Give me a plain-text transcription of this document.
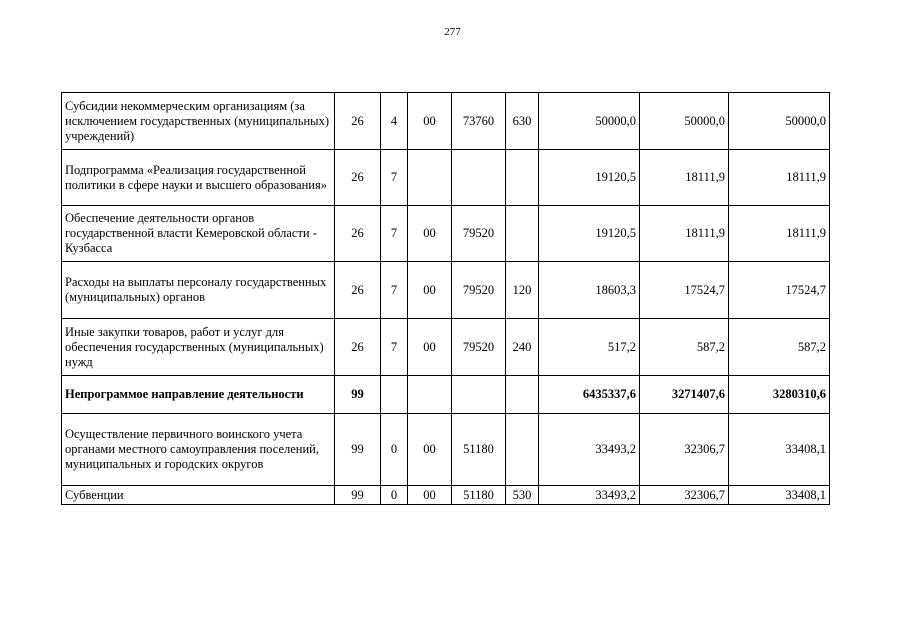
277
Субсидии некоммерческим организациям (за исключением государственных (муниципальных) учреждений)	26	4	00	73760	630	50000,0	50000,0	50000,0
Подпрограмма «Реализация государственной политики в сфере науки и высшего образования»	26	7				19120,5	18111,9	18111,9
Обеспечение деятельности органов государственной власти Кемеровской области - Кузбасса	26	7	00	79520		19120,5	18111,9	18111,9
Расходы на выплаты персоналу государственных (муниципальных) органов	26	7	00	79520	120	18603,3	17524,7	17524,7
Иные закупки товаров, работ и услуг для обеспечения государственных (муниципальных) нужд	26	7	00	79520	240	517,2	587,2	587,2
Непрограммое направление деятельности	99					6435337,6	3271407,6	3280310,6
Осуществление первичного воинского учета органами местного самоуправления поселений, муниципальных и городских округов	99	0	00	51180		33493,2	32306,7	33408,1
Субвенции	99	0	00	51180	530	33493,2	32306,7	33408,1
